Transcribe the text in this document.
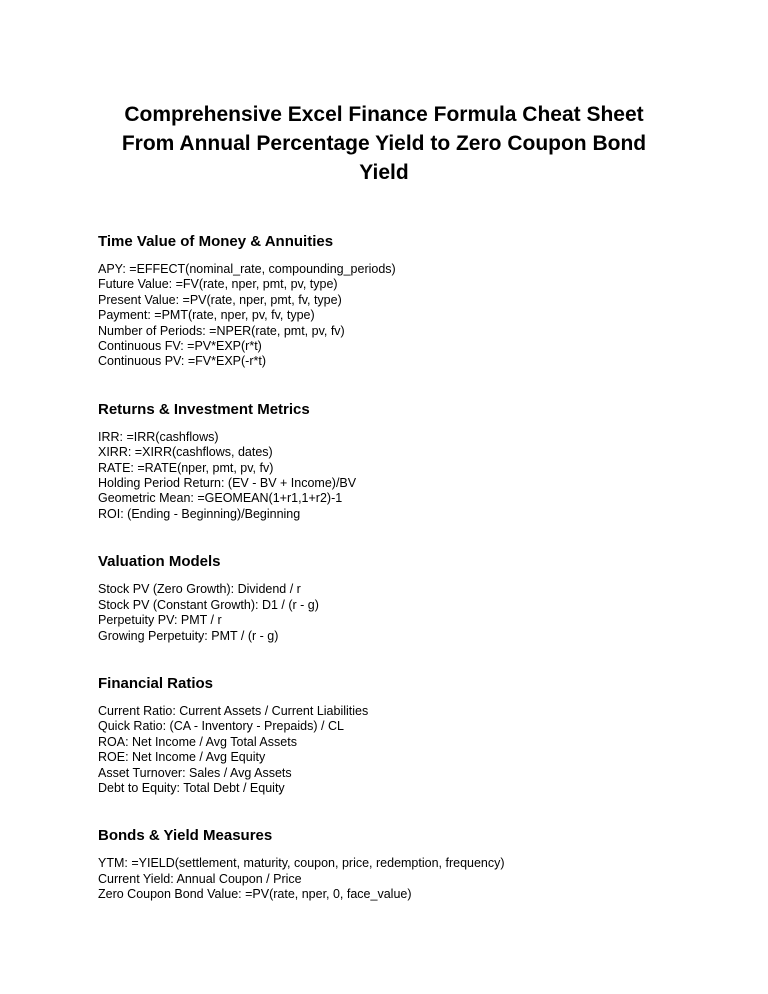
Comprehensive Excel Finance Formula Cheat Sheet
From Annual Percentage Yield to Zero Coupon Bond
Yield
Time Value of Money & Annuities
APY: =EFFECT(nominal_rate, compounding_periods)
Future Value: =FV(rate, nper, pmt, pv, type)
Present Value: =PV(rate, nper, pmt, fv, type)
Payment: =PMT(rate, nper, pv, fv, type)
Number of Periods: =NPER(rate, pmt, pv, fv)
Continuous FV: =PV*EXP(r*t)
Continuous PV: =FV*EXP(-r*t)
Returns & Investment Metrics
IRR: =IRR(cashflows)
XIRR: =XIRR(cashflows, dates)
RATE: =RATE(nper, pmt, pv, fv)
Holding Period Return: (EV - BV + Income)/BV
Geometric Mean: =GEOMEAN(1+r1,1+r2)-1
ROI: (Ending - Beginning)/Beginning
Valuation Models
Stock PV (Zero Growth): Dividend / r
Stock PV (Constant Growth): D1 / (r - g)
Perpetuity PV: PMT / r
Growing Perpetuity: PMT / (r - g)
Financial Ratios
Current Ratio: Current Assets / Current Liabilities
Quick Ratio: (CA - Inventory - Prepaids) / CL
ROA: Net Income / Avg Total Assets
ROE: Net Income / Avg Equity
Asset Turnover: Sales / Avg Assets
Debt to Equity: Total Debt / Equity
Bonds & Yield Measures
YTM: =YIELD(settlement, maturity, coupon, price, redemption, frequency)
Current Yield: Annual Coupon / Price
Zero Coupon Bond Value: =PV(rate, nper, 0, face_value)
